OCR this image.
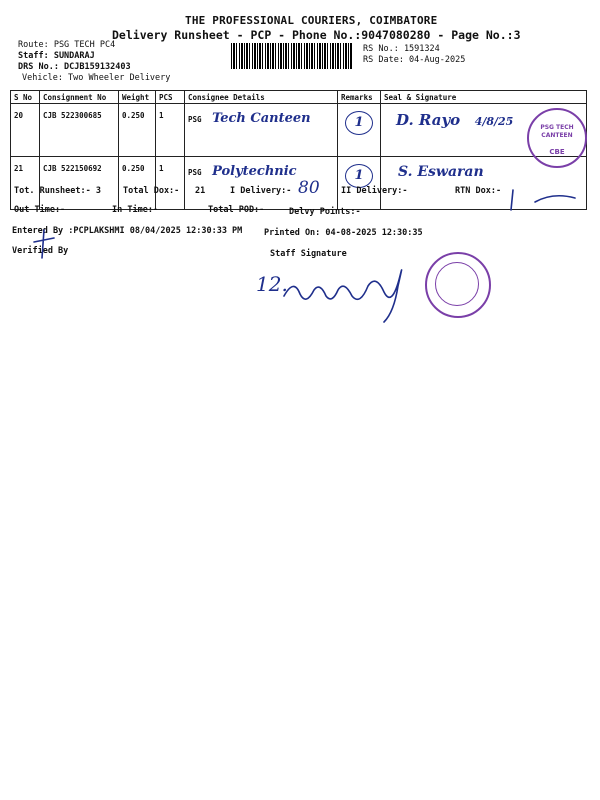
THE PROFESSIONAL COURIERS, COIMBATORE
Delivery Runsheet - PCP - Phone No.:9047080280 - Page No.:3
Route: PSG TECH PC4
Staff: SUNDARAJ
DRS No.: DCJB159132403
Vehicle: Two Wheeler Delivery
RS No.: 1591324
RS Date: 04-Aug-2025
S No	Consignment No	Weight	PCS	Consignee Details	Remarks	Seal & Signature
20	CJB 522300685	0.250	1	PSG Tech Canteen	1	D. Rayo 4/8/25
21	CJB 522150692	0.250	1	PSG Polytechnic	1	S. Eswaran
PSG TECH CANTEEN
CBE
Tot. Runsheet:- 3	Total Dox:- 21	I Delivery:- 80	II Delivery:-	RTN Dox:-
Out Time:-	In Time:-	Total POD:-	Delvy Points:-
Entered By :PCPLAKSHMI 08/04/2025 12:30:33 PM	Printed On: 04-08-2025 12:30:35
Verified By	Staff Signature
12.
